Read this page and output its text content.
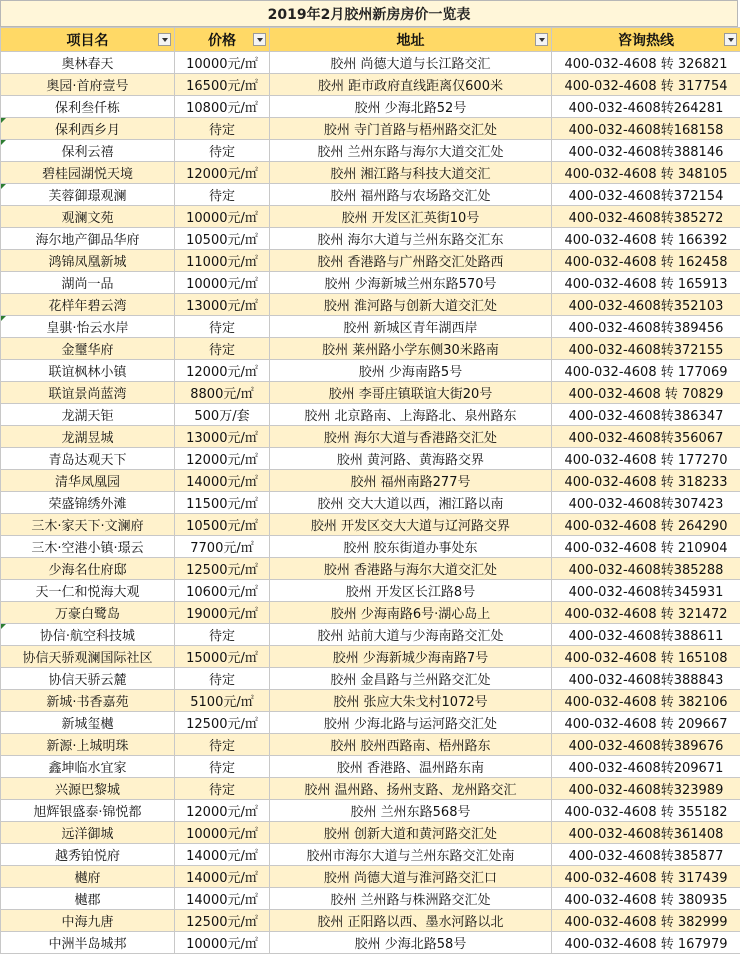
2019年2月胶州新房房价一览表
项目名	价格	地址	咨询热线

奥林春天	10000元/㎡	胶州 尚德大道与长江路交汇	400-032-4608 转 326821
奥园·首府壹号	16500元/㎡	胶州 距市政府直线距离仅600米	400-032-4608 转 317754
保利叁仟栋	10800元/㎡	胶州 少海北路52号	400-032-4608转264281
保利西乡月	待定	胶州 寺门首路与梧州路交汇处	400-032-4608转168158
保利云禧	待定	胶州 兰州东路与海尔大道交汇处	400-032-4608转388146
碧桂园湖悦天境	12000元/㎡	胶州 湘江路与科技大道交汇	400-032-4608 转 348105
芙蓉御璟观澜	待定	胶州 福州路与农场路交汇处	400-032-4608转372154
观澜文苑	10000元/㎡	胶州 开发区汇英街10号	400-032-4608转385272
海尔地产御品华府	10500元/㎡	胶州 海尔大道与兰州东路交汇东	400-032-4608 转 166392
鸿锦凤凰新城	11000元/㎡	胶州 香港路与广州路交汇处路西	400-032-4608 转 162458
湖尚一品	10000元/㎡	胶州 少海新城兰州东路570号	400-032-4608 转 165913
花样年碧云湾	13000元/㎡	胶州 淮河路与创新大道交汇处	400-032-4608转352103
皇骐·怡云水岸	待定	胶州 新城区青年湖西岸	400-032-4608转389456
金璽华府	待定	胶州 莱州路小学东侧30米路南	400-032-4608转372155
联谊枫林小镇	12000元/㎡	胶州 少海南路5号	400-032-4608 转 177069
联谊景尚蓝湾	8800元/㎡	胶州 李哥庄镇联谊大街20号	400-032-4608 转 70829
龙湖天钜	500万/套	胶州 北京路南、上海路北、泉州路东	400-032-4608转386347
龙湖昱城	13000元/㎡	胶州 海尔大道与香港路交汇处	400-032-4608转356067
青岛达观天下	12000元/㎡	胶州 黄河路、黄海路交界	400-032-4608 转 177270
清华凤凰园	14000元/㎡	胶州 福州南路277号	400-032-4608 转 318233
荣盛锦绣外滩	11500元/㎡	胶州 交大大道以西，湘江路以南	400-032-4608转307423
三木·家天下·文澜府	10500元/㎡	胶州 开发区交大大道与辽河路交界	400-032-4608 转 264290
三木·空港小镇·璟云	7700元/㎡	胶州 胶东街道办事处东	400-032-4608 转 210904
少海名仕府邸	12500元/㎡	胶州 香港路与海尔大道交汇处	400-032-4608转385288
天一仁和悦海大观	10600元/㎡	胶州 开发区长江路8号	400-032-4608转345931
万豪白鹭岛	19000元/㎡	胶州 少海南路6号·湖心岛上	400-032-4608 转 321472
协信·航空科技城	待定	胶州 站前大道与少海南路交汇处	400-032-4608转388611
协信天骄观澜国际社区	15000元/㎡	胶州 少海新城少海南路7号	400-032-4608 转 165108
协信天骄云麓	待定	胶州 金昌路与兰州路交汇处	400-032-4608转388843
新城·书香嘉苑	5100元/㎡	胶州 张应大朱戈村1072号	400-032-4608 转 382106
新城玺樾	12500元/㎡	胶州 少海北路与运河路交汇处	400-032-4608 转 209667
新源·上城明珠	待定	胶州 胶州西路南、梧州路东	400-032-4608转389676
鑫坤临水宜家	待定	胶州 香港路、温州路东南	400-032-4608转209671
兴源巴黎城	待定	胶州 温州路、扬州支路、龙州路交汇	400-032-4608转323989
旭辉银盛泰·锦悦都	12000元/㎡	胶州 兰州东路568号	400-032-4608 转 355182
远洋御城	10000元/㎡	胶州 创新大道和黄河路交汇处	400-032-4608转361408
越秀铂悦府	14000元/㎡	胶州市海尔大道与兰州东路交汇处南	400-032-4608转385877
樾府	14000元/㎡	胶州 尚德大道与淮河路交汇口	400-032-4608 转 317439
樾郡	14000元/㎡	胶州 兰州路与株洲路交汇处	400-032-4608 转 380935
中海九唐	12500元/㎡	胶州 正阳路以西、墨水河路以北	400-032-4608 转 382999
中洲半岛城邦	10000元/㎡	胶州 少海北路58号	400-032-4608 转 167979
